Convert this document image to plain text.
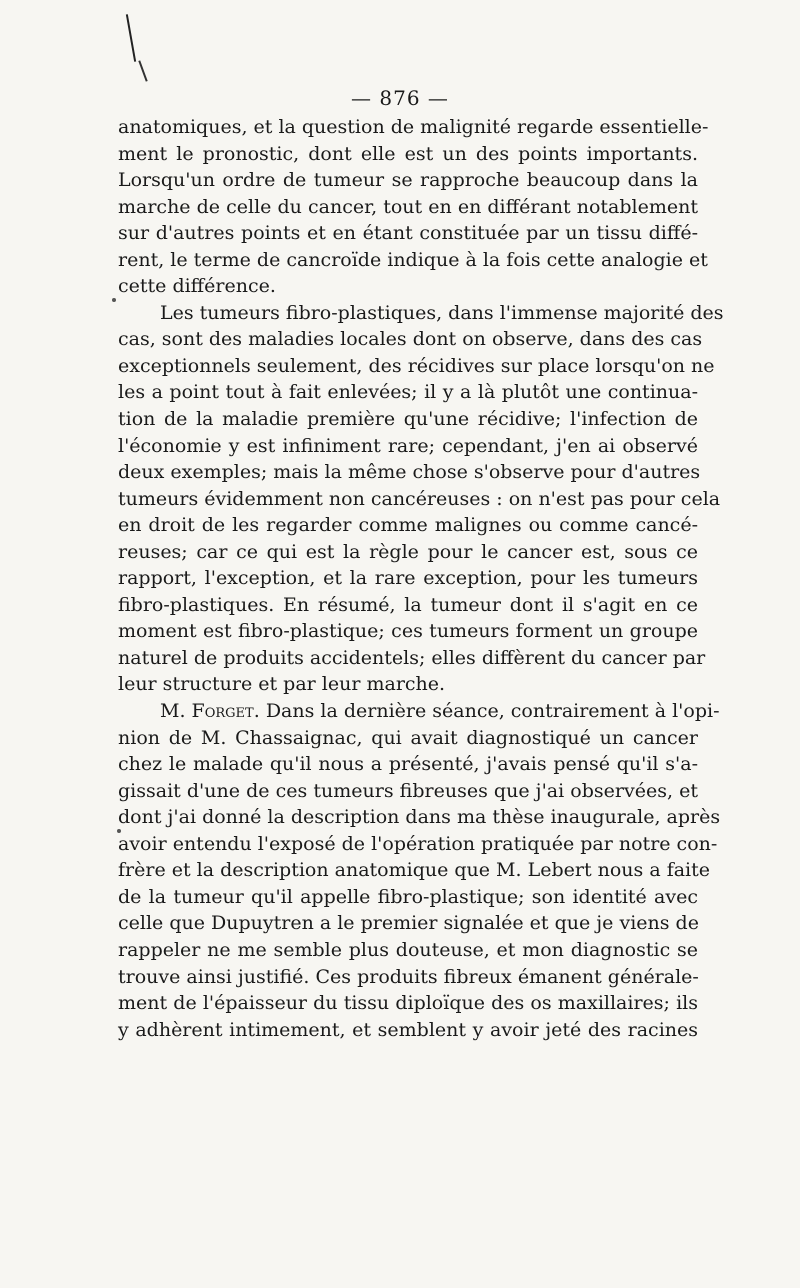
— 876 —
anatomiques, et la question de malignité regarde essentielle-
ment le pronostic, dont elle est un des points importants.
Lorsqu'un ordre de tumeur se rapproche beaucoup dans la
marche de celle du cancer, tout en en différant notablement
sur d'autres points et en étant constituée par un tissu diffé-
rent, le terme de cancroïde indique à la fois cette analogie et
cette différence.
Les tumeurs fibro-plastiques, dans l'immense majorité des
cas, sont des maladies locales dont on observe, dans des cas
exceptionnels seulement, des récidives sur place lorsqu'on ne
les a point tout à fait enlevées; il y a là plutôt une continua-
tion de la maladie première qu'une récidive; l'infection de
l'économie y est infiniment rare; cependant, j'en ai observé
deux exemples; mais la même chose s'observe pour d'autres
tumeurs évidemment non cancéreuses : on n'est pas pour cela
en droit de les regarder comme malignes ou comme cancé-
reuses; car ce qui est la règle pour le cancer est, sous ce
rapport, l'exception, et la rare exception, pour les tumeurs
fibro-plastiques. En résumé, la tumeur dont il s'agit en ce
moment est fibro-plastique; ces tumeurs forment un groupe
naturel de produits accidentels; elles diffèrent du cancer par
leur structure et par leur marche.
M. Forget. Dans la dernière séance, contrairement à l'opi-
nion de M. Chassaignac, qui avait diagnostiqué un cancer
chez le malade qu'il nous a présenté, j'avais pensé qu'il s'a-
gissait d'une de ces tumeurs fibreuses que j'ai observées, et
dont j'ai donné la description dans ma thèse inaugurale, après
avoir entendu l'exposé de l'opération pratiquée par notre con-
frère et la description anatomique que M. Lebert nous a faite
de la tumeur qu'il appelle fibro-plastique; son identité avec
celle que Dupuytren a le premier signalée et que je viens de
rappeler ne me semble plus douteuse, et mon diagnostic se
trouve ainsi justifié. Ces produits fibreux émanent générale-
ment de l'épaisseur du tissu diploïque des os maxillaires; ils
y adhèrent intimement, et semblent y avoir jeté des racines
